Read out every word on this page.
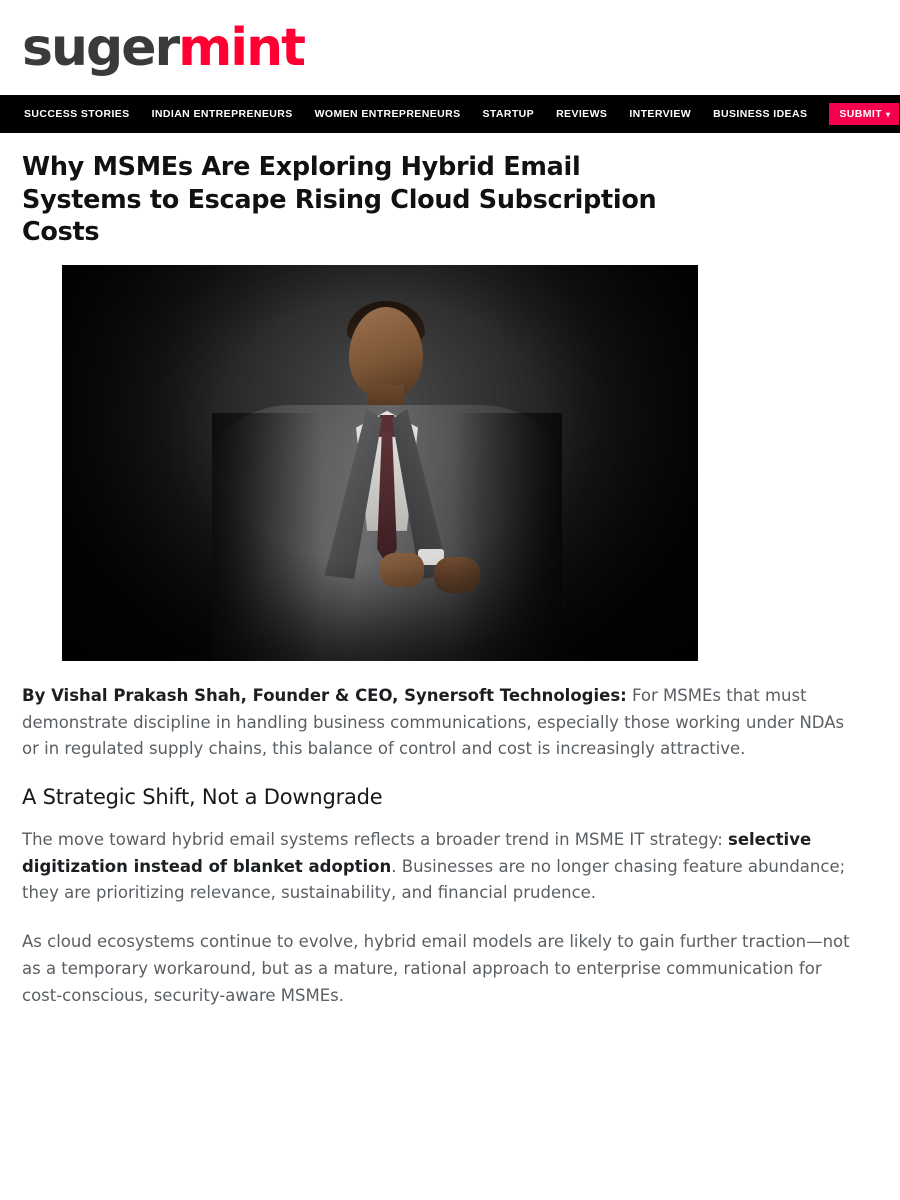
suger mint
SUCCESS STORIES INDIAN ENTREPRENEURS WOMEN ENTREPRENEURS STARTUP REVIEWS INTERVIEW BUSINESS IDEAS	SUBMIT ▾
Why MSMEs Are Exploring Hybrid Email Systems to Escape Rising Cloud Subscription Costs

By Vishal Prakash Shah, Founder & CEO, Synersoft Technologies: For MSMEs that must demonstrate discipline in handling business communications, especially those working under NDAs or in regulated supply chains, this balance of control and cost is increasingly attractive.

A Strategic Shift, Not a Downgrade

The move toward hybrid email systems reflects a broader trend in MSME IT strategy: selective digitization instead of blanket adoption. Businesses are no longer chasing feature abundance; they are prioritizing relevance, sustainability, and financial prudence.

As cloud ecosystems continue to evolve, hybrid email models are likely to gain further traction—not as a temporary workaround, but as a mature, rational approach to enterprise communication for cost-conscious, security-aware MSMEs.
